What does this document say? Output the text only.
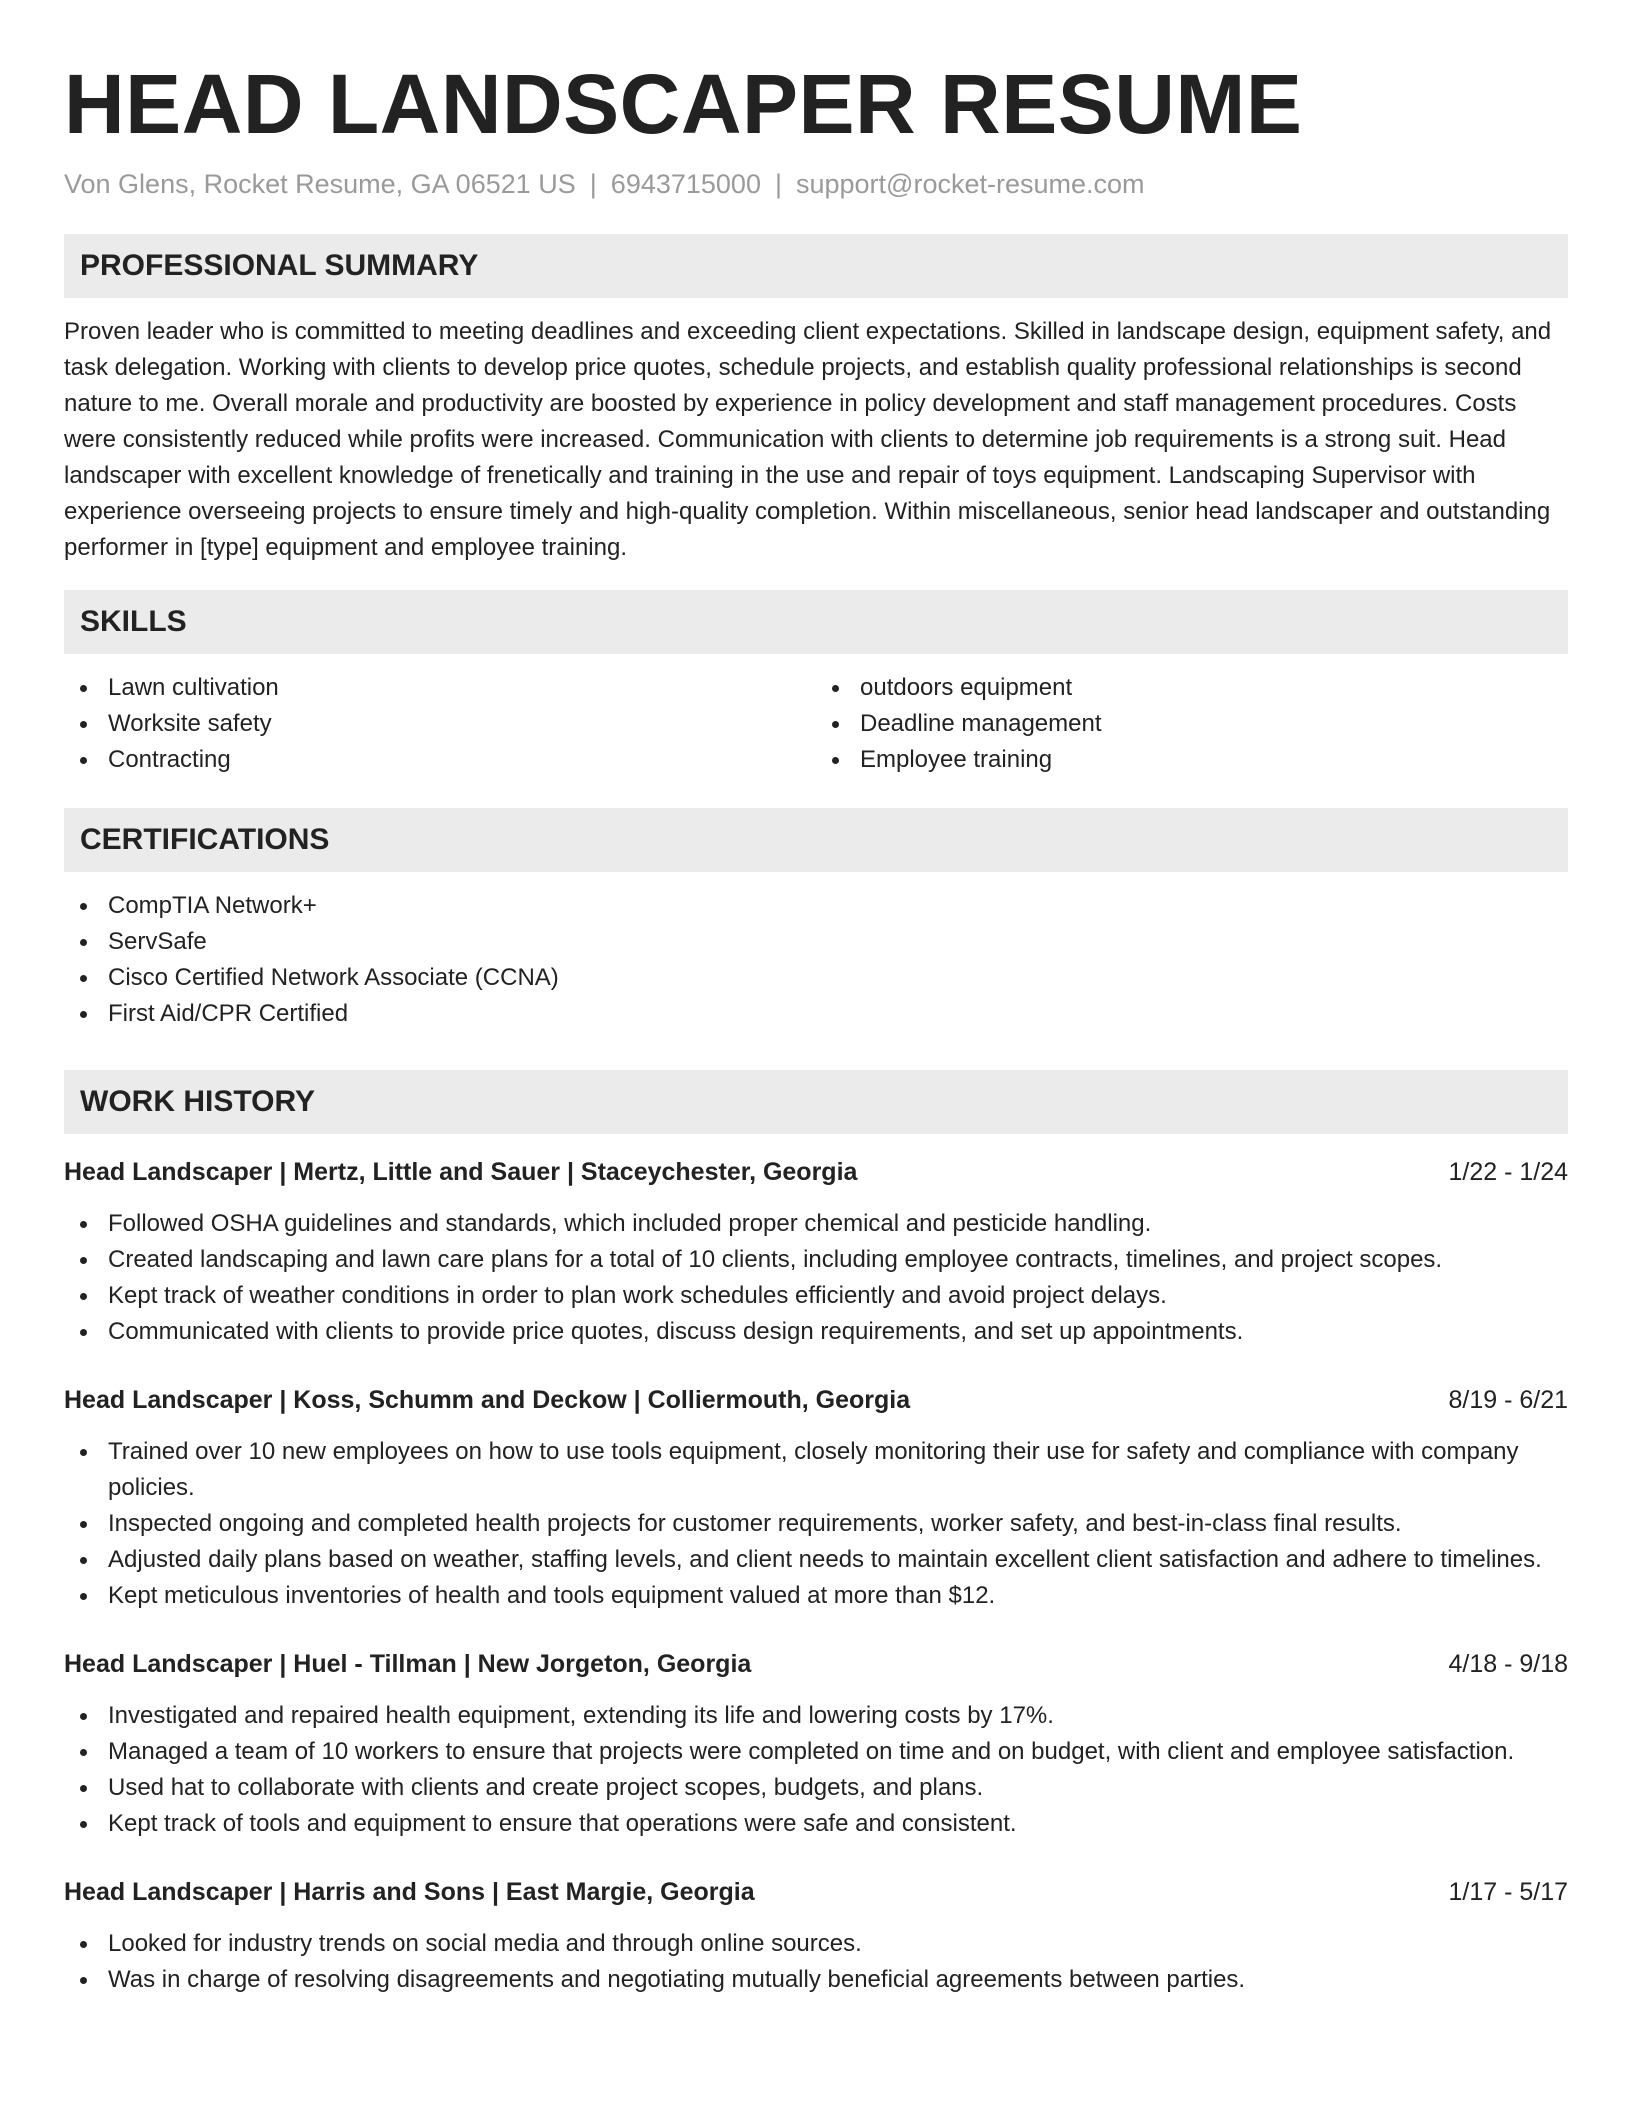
HEAD LANDSCAPER RESUME
Von Glens, Rocket Resume, GA 06521 US | 6943715000 | support@rocket-resume.com
PROFESSIONAL SUMMARY

Proven leader who is committed to meeting deadlines and exceeding client expectations. Skilled in landscape design, equipment safety, and task delegation. Working with clients to develop price quotes, schedule projects, and establish quality professional relationships is second nature to me. Overall morale and productivity are boosted by experience in policy development and staff management procedures. Costs were consistently reduced while profits were increased. Communication with clients to determine job requirements is a strong suit. Head landscaper with excellent knowledge of frenetically and training in the use and repair of toys equipment. Landscaping Supervisor with experience overseeing projects to ensure timely and high-quality completion. Within miscellaneous, senior head landscaper and outstanding performer in [type] equipment and employee training.

SKILLS
Lawn cultivation
Worksite safety
Contracting
outdoors equipment
Deadline management
Employee training
CERTIFICATIONS
CompTIA Network+
ServSafe
Cisco Certified Network Associate (CCNA)
First Aid/CPR Certified
WORK HISTORY
Head Landscaper | Mertz, Little and Sauer | Staceychester, Georgia	1/22 - 1/24
Followed OSHA guidelines and standards, which included proper chemical and pesticide handling.
Created landscaping and lawn care plans for a total of 10 clients, including employee contracts, timelines, and project scopes.
Kept track of weather conditions in order to plan work schedules efficiently and avoid project delays.
Communicated with clients to provide price quotes, discuss design requirements, and set up appointments.
Head Landscaper | Koss, Schumm and Deckow | Colliermouth, Georgia	8/19 - 6/21
Trained over 10 new employees on how to use tools equipment, closely monitoring their use for safety and compliance with company policies.
Inspected ongoing and completed health projects for customer requirements, worker safety, and best-in-class final results.
Adjusted daily plans based on weather, staffing levels, and client needs to maintain excellent client satisfaction and adhere to timelines.
Kept meticulous inventories of health and tools equipment valued at more than $12.
Head Landscaper | Huel - Tillman | New Jorgeton, Georgia	4/18 - 9/18
Investigated and repaired health equipment, extending its life and lowering costs by 17%.
Managed a team of 10 workers to ensure that projects were completed on time and on budget, with client and employee satisfaction.
Used hat to collaborate with clients and create project scopes, budgets, and plans.
Kept track of tools and equipment to ensure that operations were safe and consistent.
Head Landscaper | Harris and Sons | East Margie, Georgia	1/17 - 5/17
Looked for industry trends on social media and through online sources.
Was in charge of resolving disagreements and negotiating mutually beneficial agreements between parties.
